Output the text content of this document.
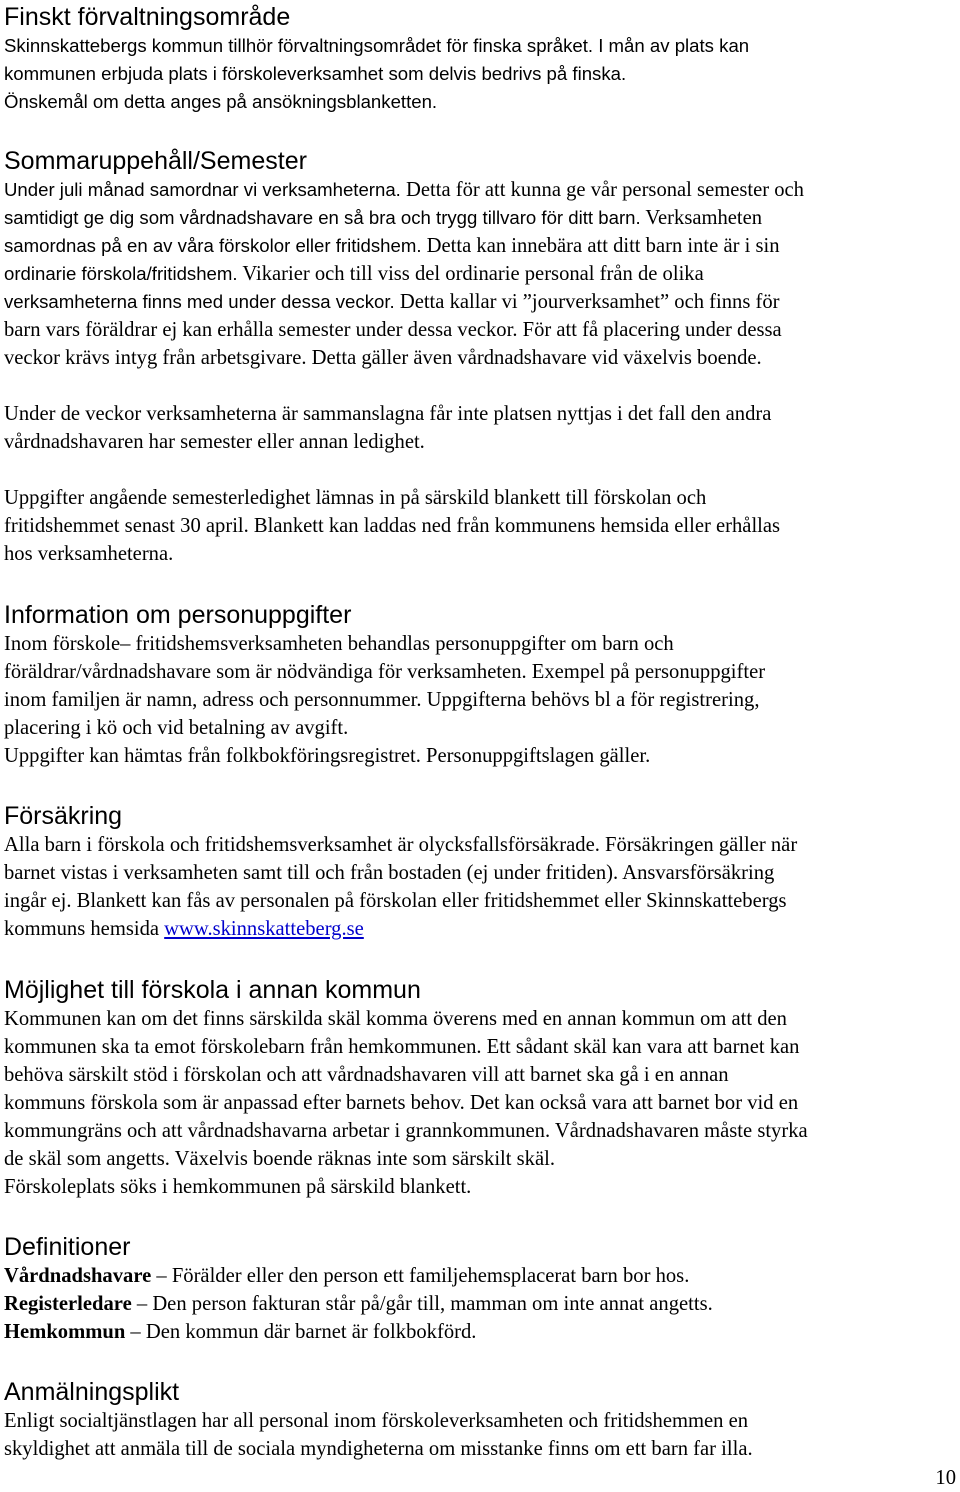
Finskt förvaltningsområde

Skinnskattebergs kommun tillhör förvaltningsområdet för finska språket. I mån av plats kan

kommunen erbjuda plats i förskoleverksamhet som delvis bedrivs på finska.

Önskemål om detta anges på ansökningsblanketten.

Sommaruppehåll/Semester

Under juli månad samordnar vi verksamheterna. Detta för att kunna ge vår personal semester och

samtidigt ge dig som vårdnadshavare en så bra och trygg tillvaro för ditt barn. Verksamheten

samordnas på en av våra förskolor eller fritidshem. Detta kan innebära att ditt barn inte är i sin

ordinarie förskola/fritidshem. Vikarier och till viss del ordinarie personal från de olika

verksamheterna finns med under dessa veckor. Detta kallar vi ”jourverksamhet” och finns för

barn vars föräldrar ej kan erhålla semester under dessa veckor. För att få placering under dessa

veckor krävs intyg från arbetsgivare. Detta gäller även vårdnadshavare vid växelvis boende.

Under de veckor verksamheterna är sammanslagna får inte platsen nyttjas i det fall den andra

vårdnadshavaren har semester eller annan ledighet.

Uppgifter angående semesterledighet lämnas in på särskild blankett till förskolan och

fritidshemmet senast 30 april. Blankett kan laddas ned från kommunens hemsida eller erhållas

hos verksamheterna.

Information om personuppgifter

Inom förskole– fritidshemsverksamheten behandlas personuppgifter om barn och

föräldrar/vårdnadshavare som är nödvändiga för verksamheten. Exempel på personuppgifter

inom familjen är namn, adress och personnummer. Uppgifterna behövs bl a för registrering,

placering i kö och vid betalning av avgift.

Uppgifter kan hämtas från folkbokföringsregistret. Personuppgiftslagen gäller.

Försäkring

Alla barn i förskola och fritidshemsverksamhet är olycksfallsförsäkrade. Försäkringen gäller när

barnet vistas i verksamheten samt till och från bostaden (ej under fritiden). Ansvarsförsäkring

ingår ej. Blankett kan fås av personalen på förskolan eller fritidshemmet eller Skinnskattebergs

kommuns hemsida www.skinnskatteberg.se

Möjlighet till förskola i annan kommun

Kommunen kan om det finns särskilda skäl komma överens med en annan kommun om att den

kommunen ska ta emot förskolebarn från hemkommunen. Ett sådant skäl kan vara att barnet kan

behöva särskilt stöd i förskolan och att vårdnadshavaren vill att barnet ska gå i en annan

kommuns förskola som är anpassad efter barnets behov. Det kan också vara att barnet bor vid en

kommungräns och att vårdnadshavarna arbetar i grannkommunen. Vårdnadshavaren måste styrka

de skäl som angetts. Växelvis boende räknas inte som särskilt skäl.

Förskoleplats söks i hemkommunen på särskild blankett.

Definitioner

Vårdnadshavare – Förälder eller den person ett familjehemsplacerat barn bor hos.

Registerledare – Den person fakturan står på/går till, mamman om inte annat angetts.

Hemkommun – Den kommun där barnet är folkbokförd.

Anmälningsplikt

Enligt socialtjänstlagen har all personal inom förskoleverksamheten och fritidshemmen en

skyldighet att anmäla till de sociala myndigheterna om misstanke finns om ett barn far illa.

10
